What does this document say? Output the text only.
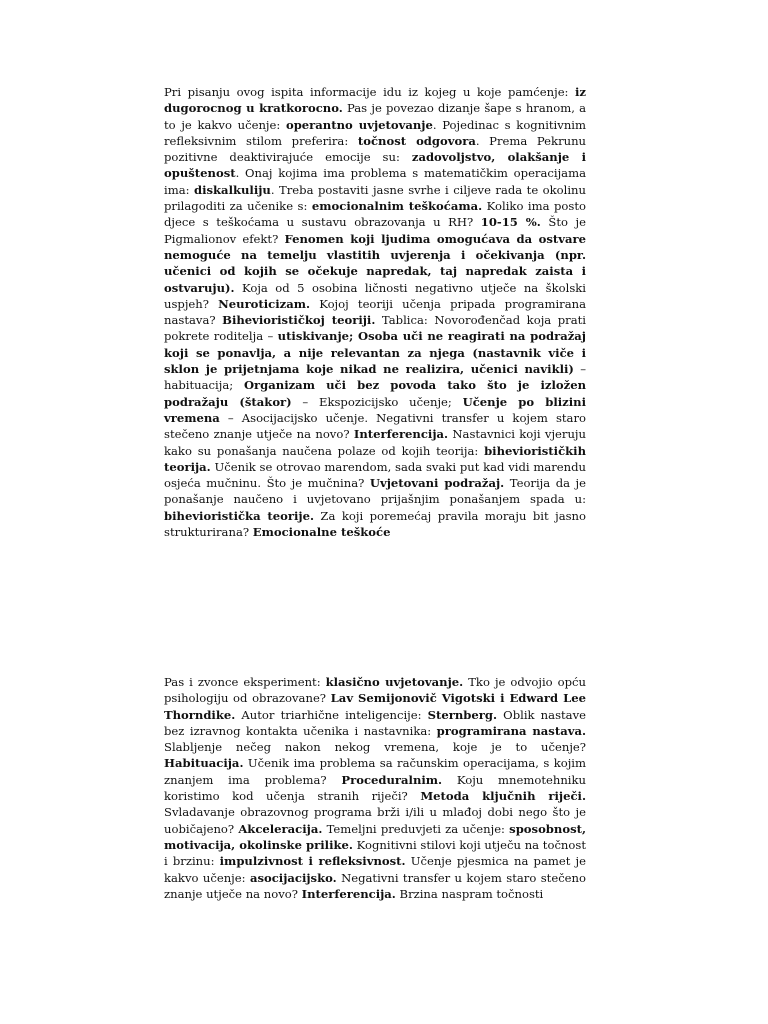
Pri pisanju ovog ispita informacije idu iz kojeg u koje pamćenje: iz dugorocnog u kratkorocno. Pas je povezao dizanje šape s hranom, a to je kakvo učenje: operantno uvjetovanje. Pojedinac s kognitivnim refleksivnim stilom preferira: točnost odgovora. Prema Pekrunu pozitivne deaktivirajuće emocije su: zadovoljstvo, olakšanje i opuštenost. Onaj kojima ima problema s matematičkim operacijama ima: diskalkuliju. Treba postaviti jasne svrhe i ciljeve rada te okolinu prilagoditi za učenike s: emocionalnim teškoćama. Koliko ima posto djece s teškoćama u sustavu obrazovanja u RH? 10-15 %. Što je Pigmalionov efekt? Fenomen koji ljudima omogućava da ostvare nemoguće na temelju vlastitih uvjerenja i očekivanja (npr. učenici od kojih se očekuje napredak, taj napredak zaista i ostvaruju). Koja od 5 osobina ličnosti negativno utječe na školski uspjeh? Neuroticizam. Kojoj teoriji učenja pripada programirana nastava? Biheviorističkoj teoriji. Tablica: Novorođenčad koja prati pokrete roditelja – utiskivanje; Osoba uči ne reagirati na podražaj koji se ponavlja, a nije relevantan za njega (nastavnik viče i sklon je prijetnjama koje nikad ne realizira, učenici navikli) – habituacija; Organizam uči bez povoda tako što je izložen podražaju (štakor) – Ekspozicijsko učenje; Učenje po blizini vremena – Asocijacijsko učenje. Negativni transfer u kojem staro stečeno znanje utječe na novo? Interferencija. Nastavnici koji vjeruju kako su ponašanja naučena polaze od kojih teorija: biheviorističkih teorija. Učenik se otrovao marendom, sada svaki put kad vidi marendu osjeća mučninu. Što je mučnina? Uvjetovani podražaj. Teorija da je ponašanje naučeno i uvjetovano prijašnjim ponašanjem spada u: bihevioristička teorije. Za koji poremećaj pravila moraju bit jasno strukturirana? Emocionalne teškoće

Pas i zvonce eksperiment: klasično uvjetovanje. Tko je odvojio opću psihologiju od obrazovane? Lav Semijonovič Vigotski i Edward Lee Thorndike. Autor triarhične inteligencije: Sternberg. Oblik nastave bez izravnog kontakta učenika i nastavnika: programirana nastava. Slabljenje nečeg nakon nekog vremena, koje je to učenje? Habituacija. Učenik ima problema sa računskim operacijama, s kojim znanjem ima problema? Proceduralnim. Koju mnemotehniku koristimo kod učenja stranih riječi? Metoda ključnih riječi. Svladavanje obrazovnog programa brži i/ili u mlađoj dobi nego što je uobičajeno? Akceleracija. Temeljni preduvjeti za učenje: sposobnost, motivacija, okolinske prilike. Kognitivni stilovi koji utječu na točnost i brzinu: impulzivnost i refleksivnost. Učenje pjesmica na pamet je kakvo učenje: asocijacijsko. Negativni transfer u kojem staro stečeno znanje utječe na novo? Interferencija. Brzina naspram točnosti
